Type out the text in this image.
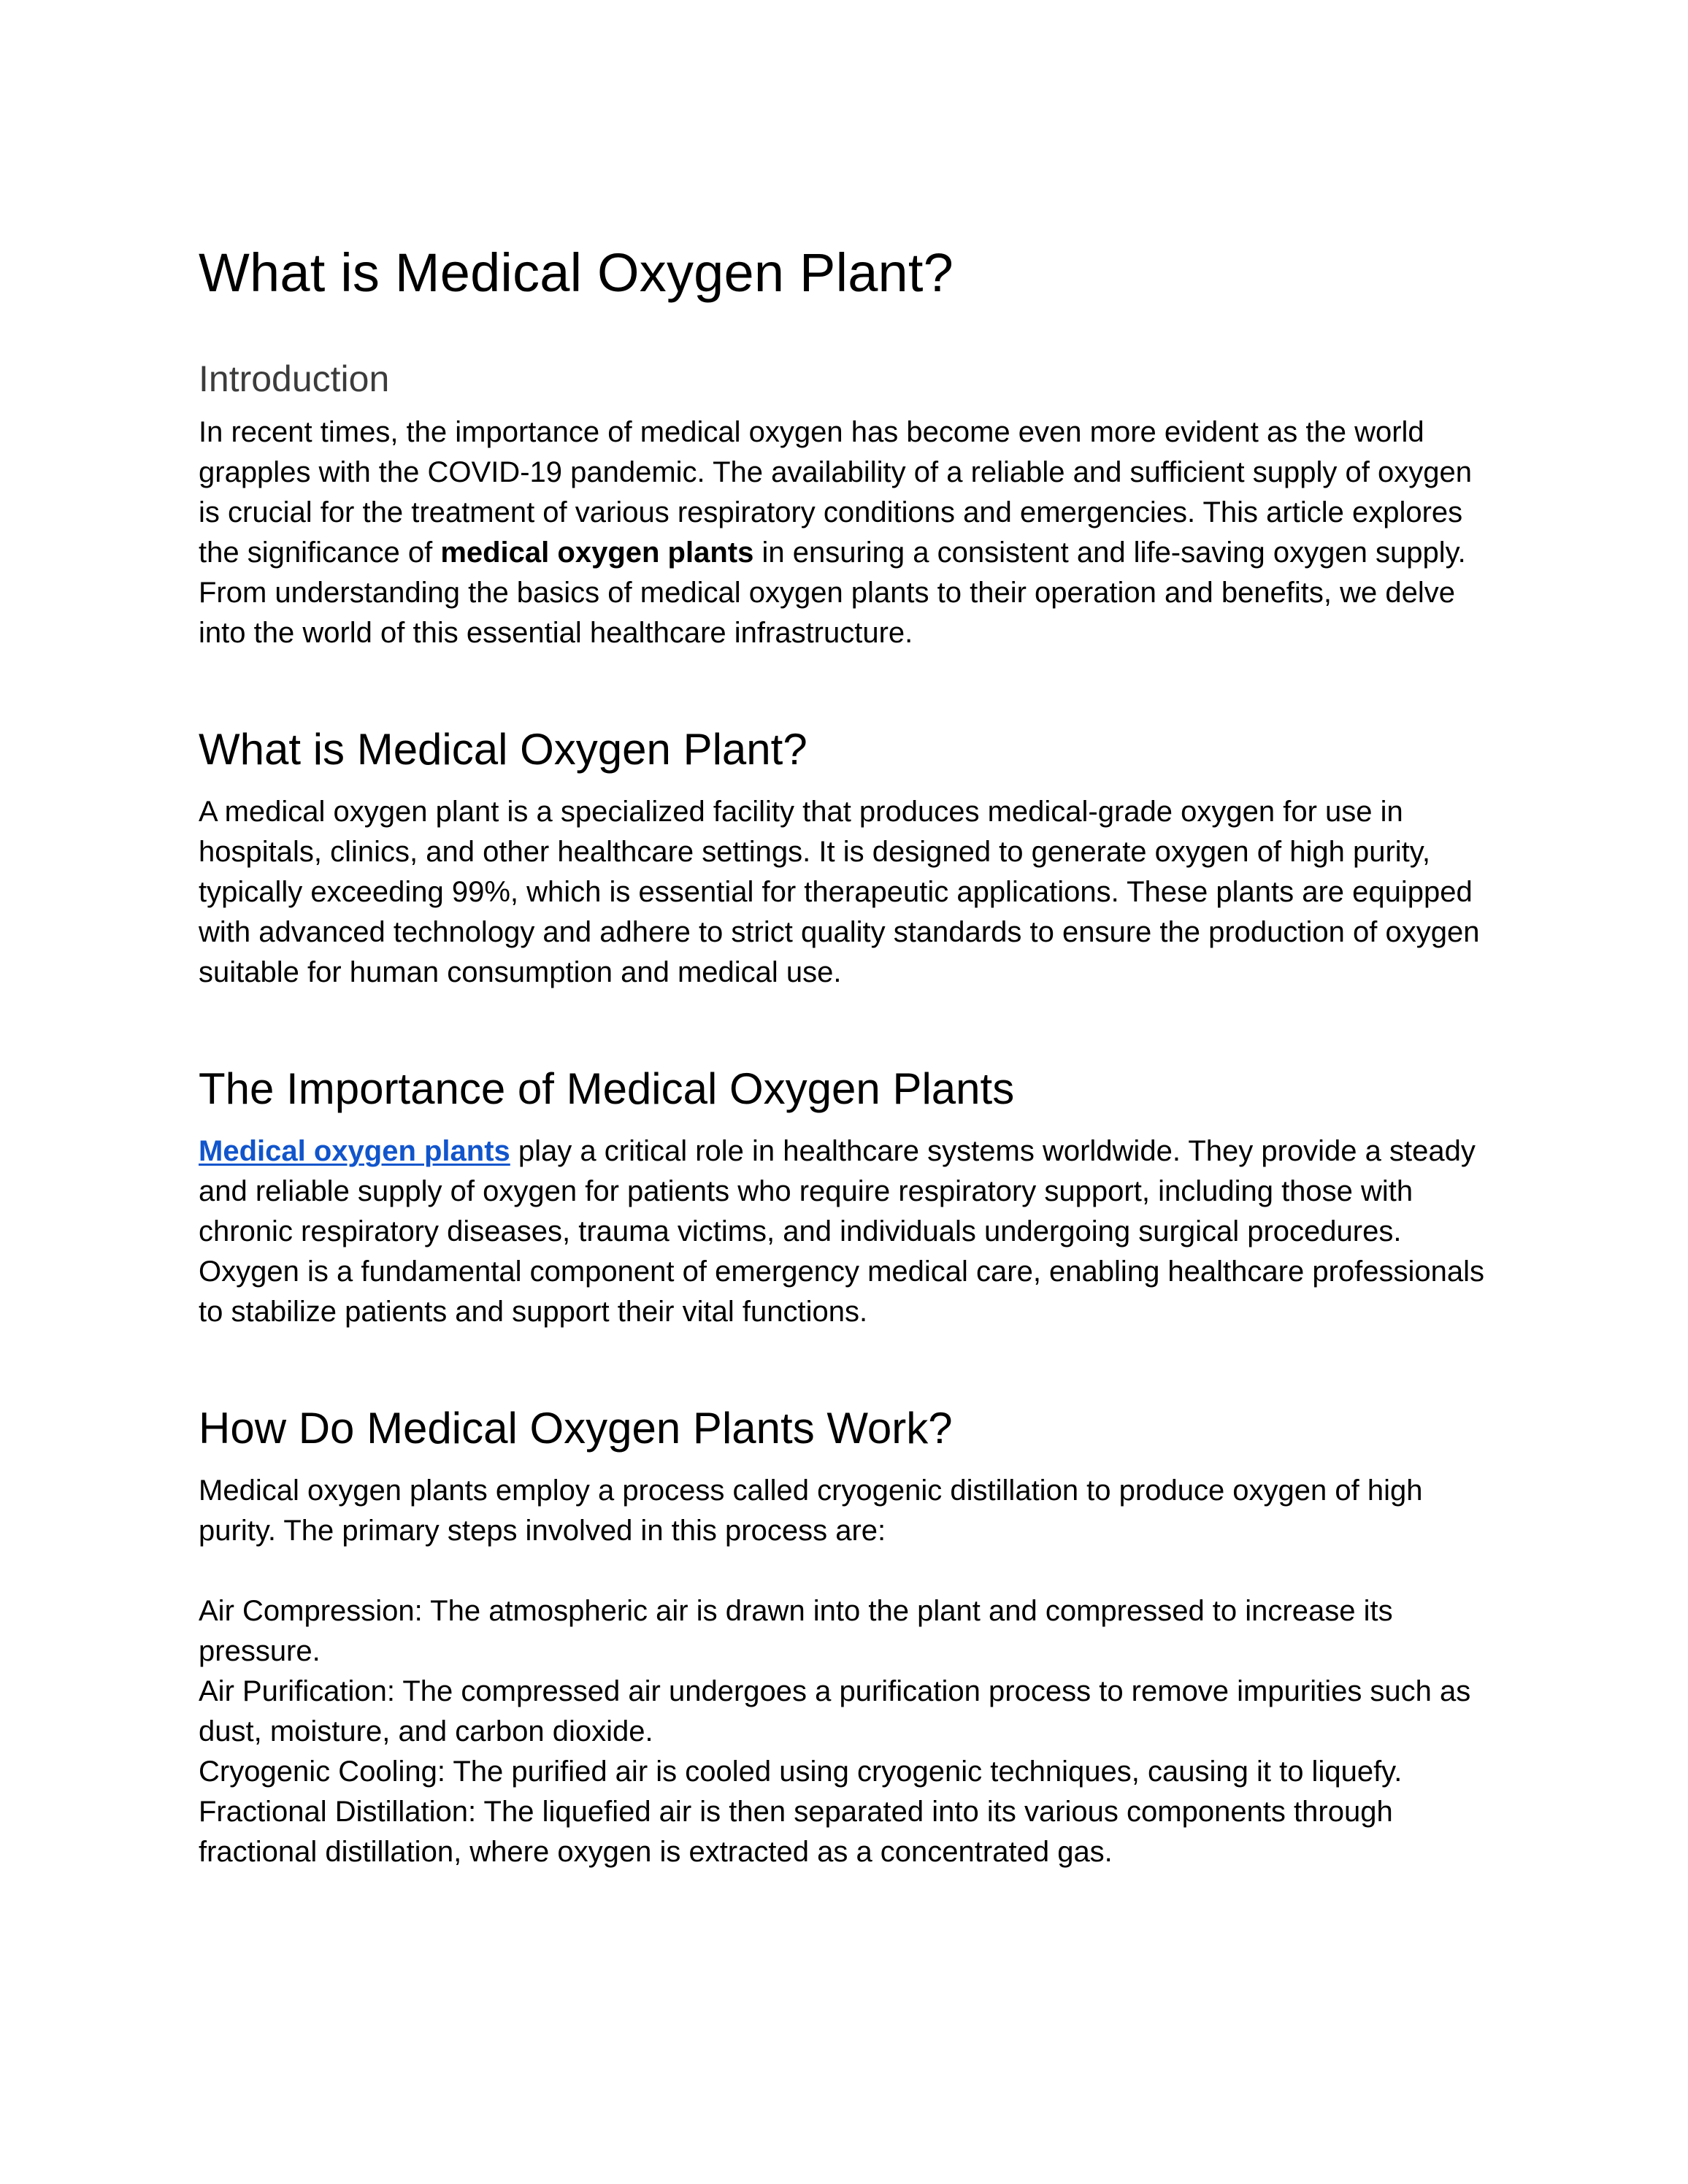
What is Medical Oxygen Plant?
Introduction

In recent times, the importance of medical oxygen has become even more evident as the world grapples with the COVID-19 pandemic. The availability of a reliable and sufficient supply of oxygen is crucial for the treatment of various respiratory conditions and emergencies. This article explores the significance of medical oxygen plants in ensuring a consistent and life-saving oxygen supply. From understanding the basics of medical oxygen plants to their operation and benefits, we delve into the world of this essential healthcare infrastructure.

What is Medical Oxygen Plant?

A medical oxygen plant is a specialized facility that produces medical-grade oxygen for use in hospitals, clinics, and other healthcare settings. It is designed to generate oxygen of high purity, typically exceeding 99%, which is essential for therapeutic applications. These plants are equipped with advanced technology and adhere to strict quality standards to ensure the production of oxygen suitable for human consumption and medical use.

The Importance of Medical Oxygen Plants

Medical oxygen plants play a critical role in healthcare systems worldwide. They provide a steady and reliable supply of oxygen for patients who require respiratory support, including those with chronic respiratory diseases, trauma victims, and individuals undergoing surgical procedures. Oxygen is a fundamental component of emergency medical care, enabling healthcare professionals to stabilize patients and support their vital functions.

How Do Medical Oxygen Plants Work?

Medical oxygen plants employ a process called cryogenic distillation to produce oxygen of high purity. The primary steps involved in this process are:

Air Compression: The atmospheric air is drawn into the plant and compressed to increase its pressure.

Air Purification: The compressed air undergoes a purification process to remove impurities such as dust, moisture, and carbon dioxide.

Cryogenic Cooling: The purified air is cooled using cryogenic techniques, causing it to liquefy.

Fractional Distillation: The liquefied air is then separated into its various components through fractional distillation, where oxygen is extracted as a concentrated gas.
